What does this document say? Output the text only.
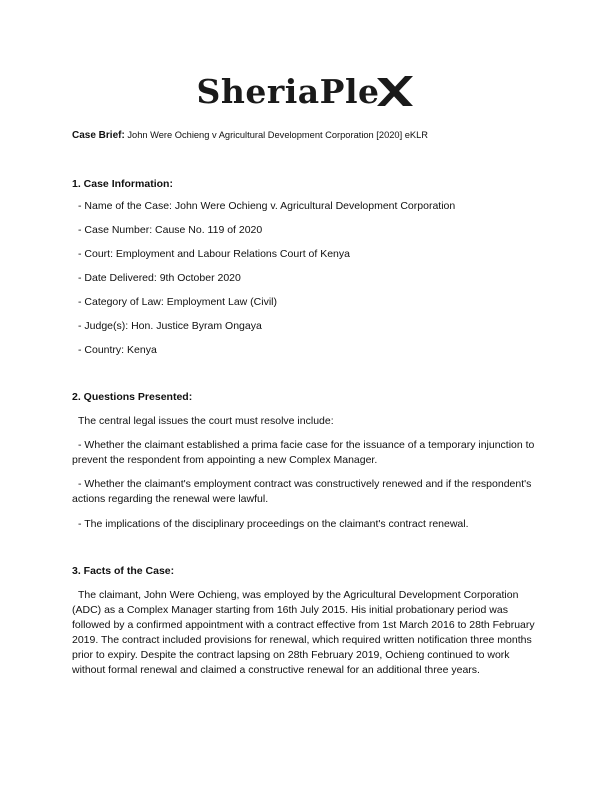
SheriaPle
Case Brief: John Were Ochieng v Agricultural Development Corporation [2020] eKLR
1. Case Information:
- Name of the Case: John Were Ochieng v. Agricultural Development Corporation
- Case Number: Cause No. 119 of 2020
- Court: Employment and Labour Relations Court of Kenya
- Date Delivered: 9th October 2020
- Category of Law: Employment Law (Civil)
- Judge(s): Hon. Justice Byram Ongaya
- Country: Kenya
2. Questions Presented:
The central legal issues the court must resolve include:
- Whether the claimant established a prima facie case for the issuance of a temporary injunction to prevent the respondent from appointing a new Complex Manager.
- Whether the claimant's employment contract was constructively renewed and if the respondent's actions regarding the renewal were lawful.
- The implications of the disciplinary proceedings on the claimant's contract renewal.
3. Facts of the Case:
The claimant, John Were Ochieng, was employed by the Agricultural Development Corporation (ADC) as a Complex Manager starting from 16th July 2015. His initial probationary period was followed by a confirmed appointment with a contract effective from 1st March 2016 to 28th February 2019. The contract included provisions for renewal, which required written notification three months prior to expiry. Despite the contract lapsing on 28th February 2019, Ochieng continued to work without formal renewal and claimed a constructive renewal for an additional three years.
